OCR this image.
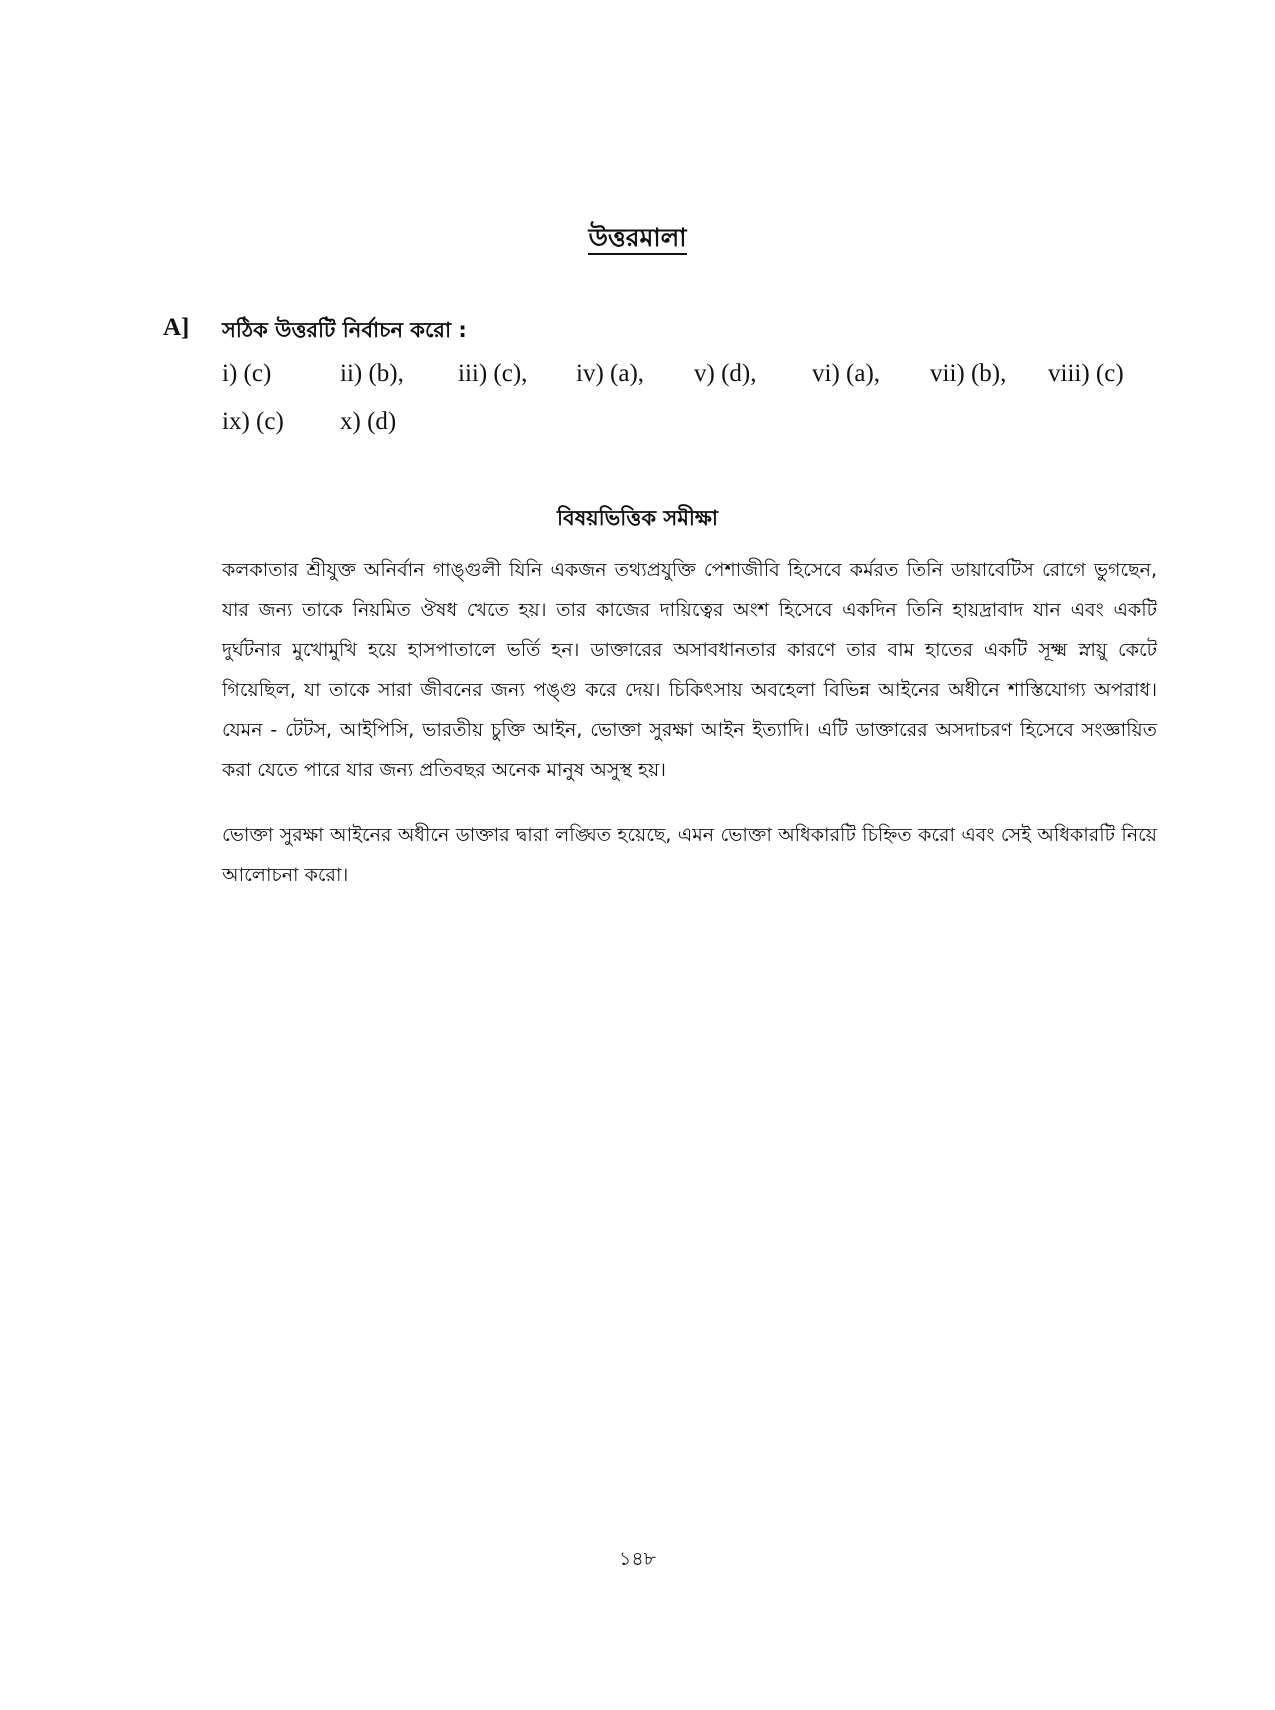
উত্তরমালা
A] সঠিক উত্তরটি নির্বাচন করো :
i) (c)	ii) (b), iii) (c), iv) (a), v) (d), vi) (a), vii) (b), viii) (c)
ix) (c) x) (d)
বিষয়ভিত্তিক সমীক্ষা

কলকাতার শ্রীযুক্ত অনির্বান গাঙ্গুলী যিনি একজন তথ্যপ্রযুক্তি পেশাজীবি হিসেবে কর্মরত তিনি ডায়াবেটিস রোগে ভুগছেন, যার জন্য তাকে নিয়মিত ঔষধ খেতে হয়। তার কাজের দায়িত্বের অংশ হিসেবে একদিন তিনি হায়দ্রাবাদ যান এবং একটি দুর্ঘটনার মুখোমুখি হয়ে হাসপাতালে ভর্তি হন। ডাক্তারের অসাবধানতার কারণে তার বাম হাতের একটি সূক্ষ্ম স্নায়ু কেটে গিয়েছিল, যা তাকে সারা জীবনের জন্য পঙ্গু করে দেয়। চিকিৎসায় অবহেলা বিভিন্ন আইনের অধীনে শাস্তিযোগ্য অপরাধ। যেমন - টেটস, আইপিসি, ভারতীয় চুক্তি আইন, ভোক্তা সুরক্ষা আইন ইত্যাদি। এটি ডাক্তারের অসদাচরণ হিসেবে সংজ্ঞায়িত করা যেতে পারে যার জন্য প্রতিবছর অনেক মানুষ অসুস্থ হয়।

ভোক্তা সুরক্ষা আইনের অধীনে ডাক্তার দ্বারা লঙ্ঘিত হয়েছে, এমন ভোক্তা অধিকারটি চিহ্নিত করো এবং সেই অধিকারটি নিয়ে আলোচনা করো।

১৪৮
